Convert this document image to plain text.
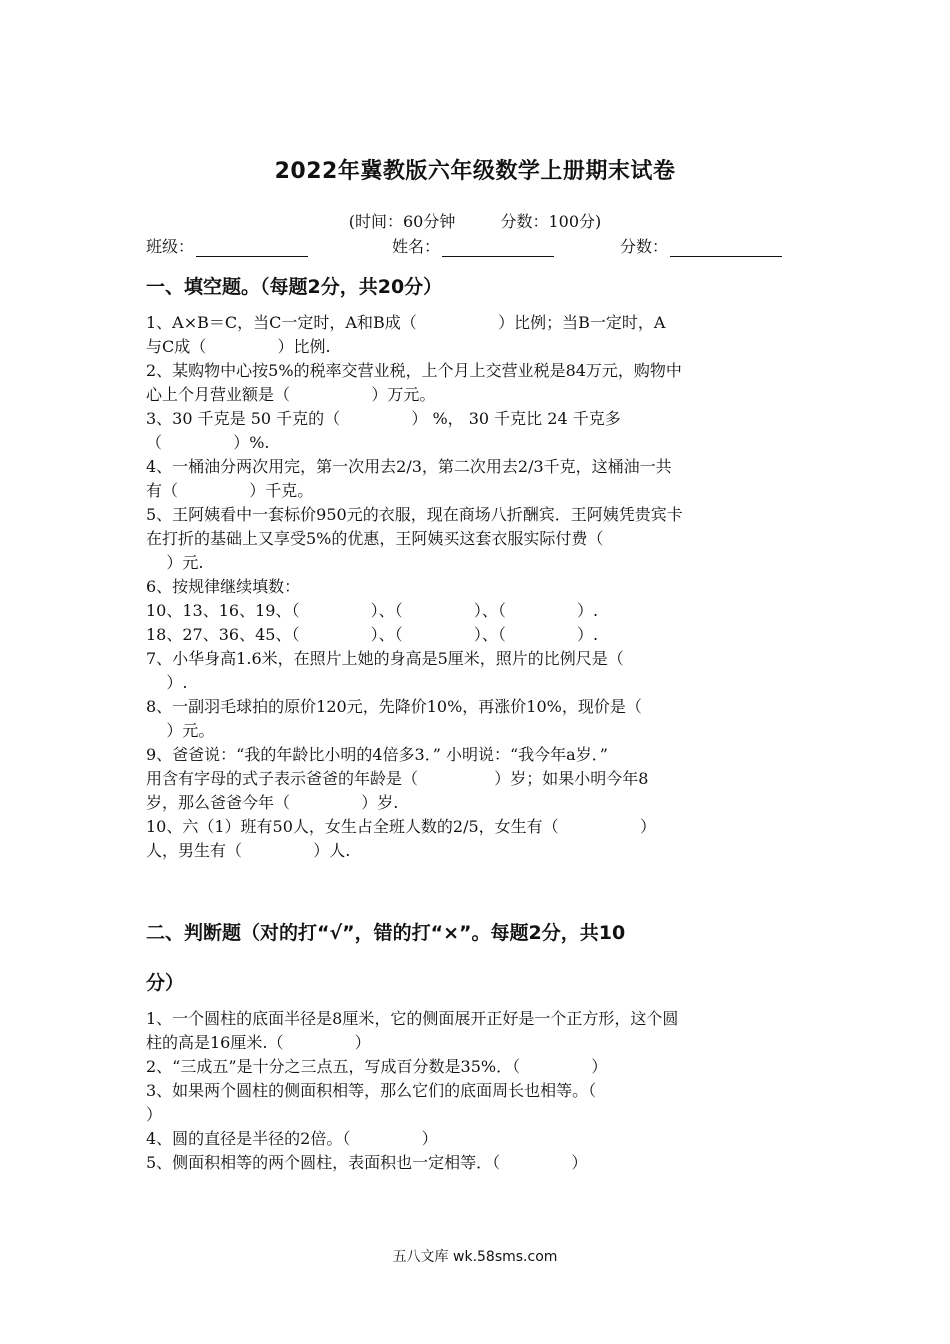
2022年冀教版六年级数学上册期末试卷
(时间：60分钟	分数：100分)
班级：	姓名：	分数：
一、填空题。（每题2分，共20分）

1、A×B＝C，当C一定时，A和B成（                ）比例；当B一定时，A

与C成（              ）比例.

2、某购物中心按5%的税率交营业税，上个月上交营业税是84万元，购物中

心上个月营业额是（                ）万元。

3、30 千克是 50 千克的（              ） %， 30 千克比 24 千克多

（              ）%.

4、一桶油分两次用完，第一次用去2/3，第二次用去2/3千克，这桶油一共

有（              ）千克。

5、王阿姨看中一套标价950元的衣服，现在商场八折酬宾．王阿姨凭贵宾卡

在打折的基础上又享受5%的优惠，王阿姨买这套衣服实际付费（

）元.

6、按规律继续填数：

10、13、16、19、（              ）、（              ）、（              ）.

18、27、36、45、（              ）、（              ）、（              ）.

7、小华身高1.6米，在照片上她的身高是5厘米，照片的比例尺是（

）.

8、一副羽毛球拍的原价120元，先降价10%，再涨价10%，现价是（

）元。

9、爸爸说：“我的年龄比小明的4倍多3．” 小明说：“我今年a岁．”

用含有字母的式子表示爸爸的年龄是（               ）岁；如果小明今年8

岁，那么爸爸今年（              ）岁.

10、六（1）班有50人，女生占全班人数的2/5，女生有（                ）

人，男生有（              ）人.

二、判断题（对的打“√”，错的打“×”。每题2分，共10
分）

1、一个圆柱的底面半径是8厘米，它的侧面展开正好是一个正方形，这个圆

柱的高是16厘米.（              ）

2、“三成五”是十分之三点五，写成百分数是35%．（              ）

3、如果两个圆柱的侧面积相等，那么它们的底面周长也相等。（

）

4、圆的直径是半径的2倍。（              ）

5、侧面积相等的两个圆柱，表面积也一定相等．（              ）

五八文库 wk.58sms.com
